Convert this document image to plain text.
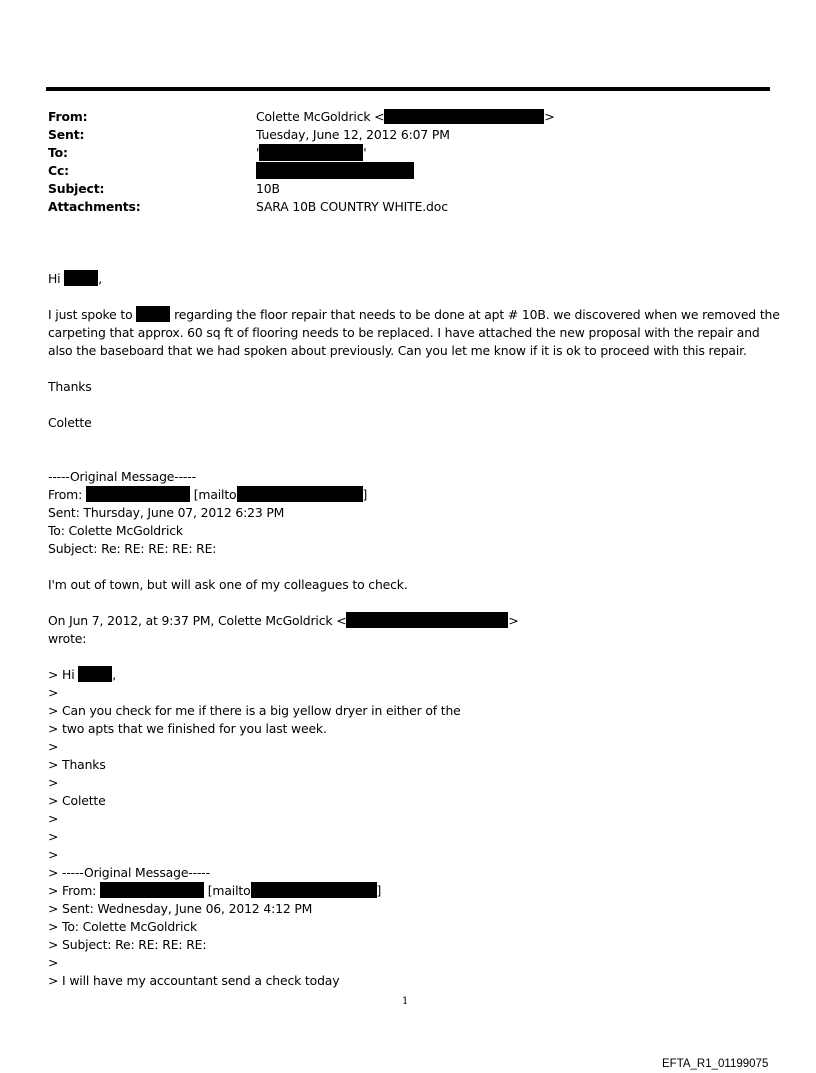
From:	Colette McGoldrick <	>
Sent:	Tuesday, June 12, 2012 6:07 PM
To:	'	'
Cc:
Subject:	10B
Attachments:	SARA 10B COUNTRY WHITE.doc
Hi	,
I just spoke to	regarding the floor repair that needs to be done at apt # 10B. we discovered when we removed the
carpeting that approx. 60 sq ft of flooring needs to be replaced. I have attached the new proposal with the repair and
also the baseboard that we had spoken about previously. Can you let me know if it is ok to proceed with this repair.
Thanks
Colette
-----Original Message-----
From:	[mailto	]
Sent: Thursday, June 07, 2012 6:23 PM
To: Colette McGoldrick
Subject: Re: RE: RE: RE: RE:
I'm out of town, but will ask one of my colleagues to check.
On Jun 7, 2012, at 9:37 PM, Colette McGoldrick <	>
wrote:
> Hi	,
>
> Can you check for me if there is a big yellow dryer in either of the
> two apts that we finished for you last week.
>
> Thanks
>
> Colette
>
>
>
> -----Original Message-----
> From:	[mailto	]
> Sent: Wednesday, June 06, 2012 4:12 PM
> To: Colette McGoldrick
> Subject: Re: RE: RE: RE:
>
> I will have my accountant send a check today
1
EFTA_R1_01199075
